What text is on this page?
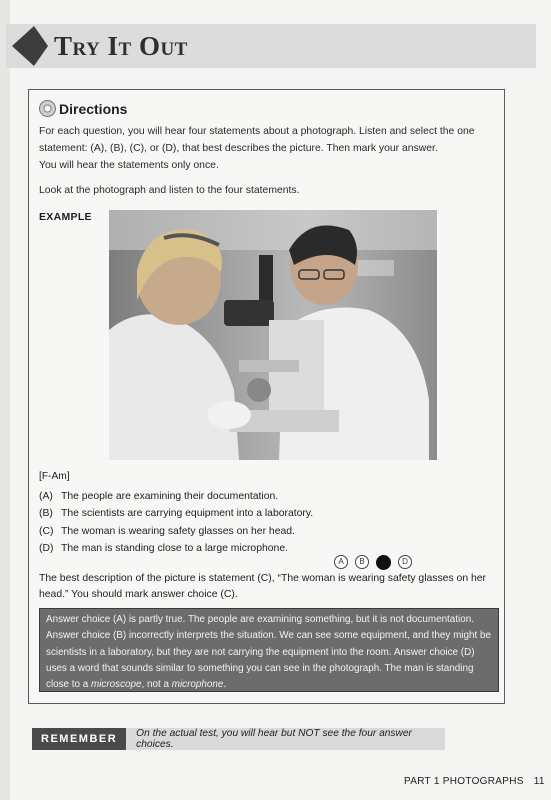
Try It Out
Directions
For each question, you will hear four statements about a photograph. Listen and select the one
statement: (A), (B), (C), or (D), that best describes the picture. Then mark your answer.
You will hear the statements only once.
Look at the photograph and listen to the four statements.
EXAMPLE
[F-Am]
(A) The people are examining their documentation.
(B) The scientists are carrying equipment into a laboratory.
(C) The woman is wearing safety glasses on her head.
(D) The man is standing close to a large microphone.
A	B	D
The best description of the picture is statement (C), “The woman is wearing safety glasses on her head.” You should mark answer choice (C).
Answer choice (A) is partly true. The people are examining something, but it is not documentation. Answer choice (B) incorrectly interprets the situation. We can see some equipment, and they might be scientists in a laboratory, but they are not carrying the equipment into the room. Answer choice (D) uses a word that sounds similar to something you can see in the photograph. The man is standing close to a microscope, not a microphone.
REMEMBER	On the actual test, you will hear but NOT see the four answer choices.
PART 1 PHOTOGRAPHS 11
